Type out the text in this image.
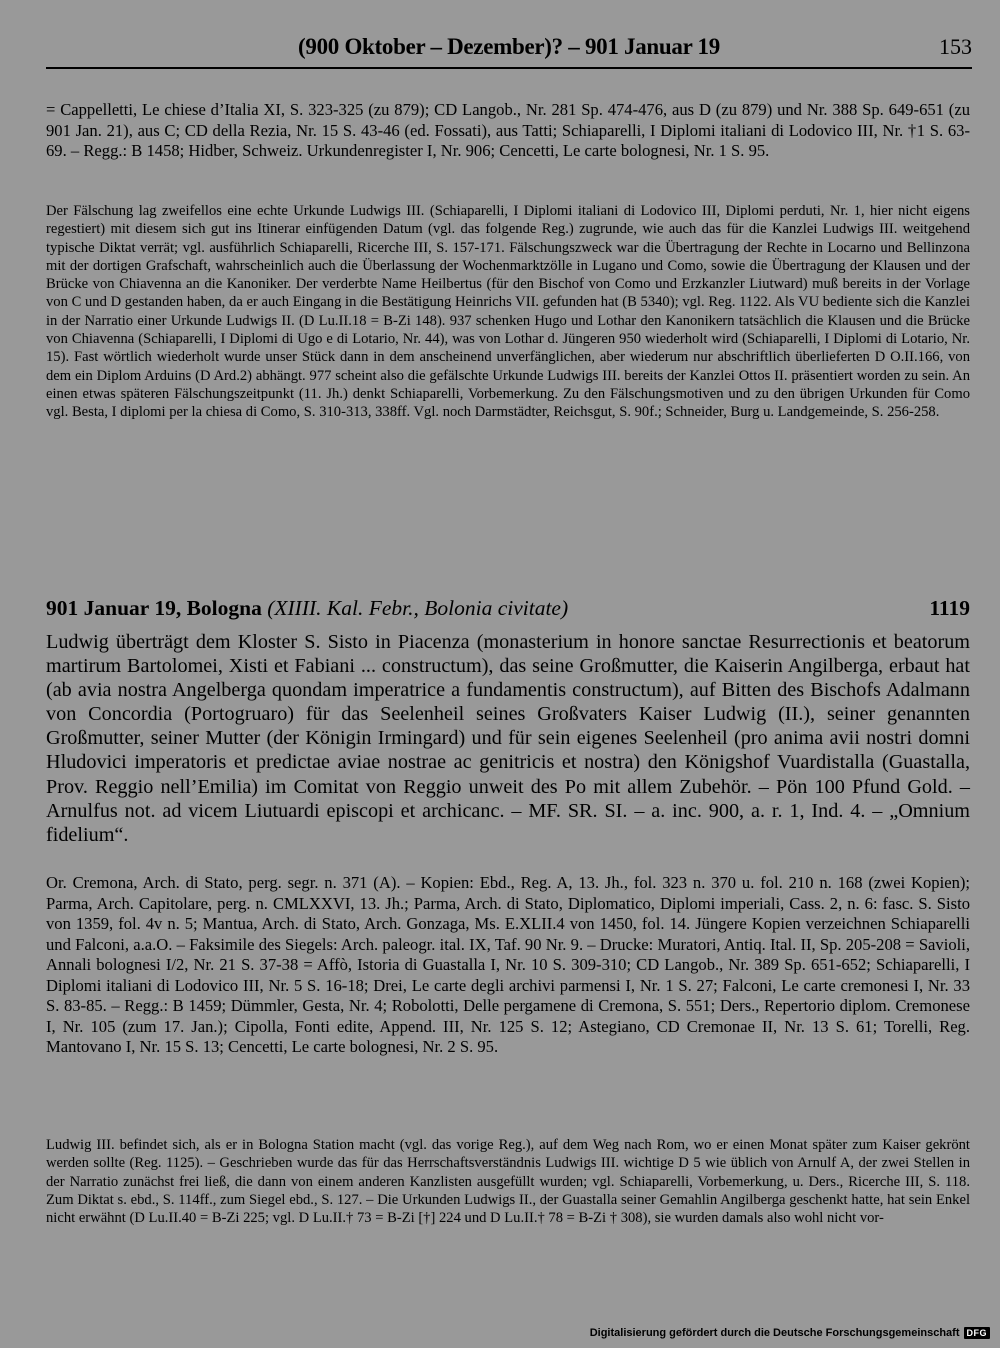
(900 Oktober – Dezember)? – 901 Januar 19	153
= Cappelletti, Le chiese d’Italia XI, S. 323-325 (zu 879); CD Langob., Nr. 281 Sp. 474-476, aus D (zu 879) und Nr. 388 Sp. 649-651 (zu 901 Jan. 21), aus C; CD della Rezia, Nr. 15 S. 43-46 (ed. Fossati), aus Tatti; Schiaparelli, I Diplomi italiani di Lodovico III, Nr. †1 S. 63-69. – Regg.: B 1458; Hidber, Schweiz. Urkundenregister I, Nr. 906; Cencetti, Le carte bolognesi, Nr. 1 S. 95.
Der Fälschung lag zweifellos eine echte Urkunde Ludwigs III. (Schiaparelli, I Diplomi italiani di Lodovico III, Diplomi perduti, Nr. 1, hier nicht eigens regestiert) mit diesem sich gut ins Itinerar einfügenden Datum (vgl. das folgende Reg.) zugrunde, wie auch das für die Kanzlei Ludwigs III. weitgehend typische Diktat verrät; vgl. ausführlich Schiaparelli, Ricerche III, S. 157-171. Fälschungszweck war die Übertragung der Rechte in Locarno und Bellinzona mit der dortigen Grafschaft, wahrscheinlich auch die Überlassung der Wochenmarktzölle in Lugano und Como, sowie die Übertragung der Klausen und der Brücke von Chiavenna an die Kanoniker. Der verderbte Name Heilbertus (für den Bischof von Como und Erzkanzler Liutward) muß bereits in der Vorlage von C und D gestanden haben, da er auch Eingang in die Bestätigung Heinrichs VII. gefunden hat (B 5340); vgl. Reg. 1122. Als VU bediente sich die Kanzlei in der Narratio einer Urkunde Ludwigs II. (D Lu.II.18 = B-Zi 148). 937 schenken Hugo und Lothar den Kanonikern tatsächlich die Klausen und die Brücke von Chiavenna (Schiaparelli, I Diplomi di Ugo e di Lotario, Nr. 44), was von Lothar d. Jüngeren 950 wiederholt wird (Schiaparelli, I Diplomi di Lotario, Nr. 15). Fast wörtlich wiederholt wurde unser Stück dann in dem anscheinend unverfänglichen, aber wiederum nur abschriftlich überlieferten D O.II.166, von dem ein Diplom Arduins (D Ard.2) abhängt. 977 scheint also die gefälschte Urkunde Ludwigs III. bereits der Kanzlei Ottos II. präsentiert worden zu sein. An einen etwas späteren Fälschungszeitpunkt (11. Jh.) denkt Schiaparelli, Vorbemerkung. Zu den Fälschungsmotiven und zu den übrigen Urkunden für Como vgl. Besta, I diplomi per la chiesa di Como, S. 310-313, 338ff. Vgl. noch Darmstädter, Reichsgut, S. 90f.; Schneider, Burg u. Landgemeinde, S. 256-258.
901 Januar 19, Bologna (XIIII. Kal. Febr., Bolonia civitate)	1119
Ludwig überträgt dem Kloster S. Sisto in Piacenza (monasterium in honore sanctae Resurrectionis et beatorum martirum Bartolomei, Xisti et Fabiani ... constructum), das seine Großmutter, die Kaiserin Angilberga, erbaut hat (ab avia nostra Angelberga quondam imperatrice a fundamentis constructum), auf Bitten des Bischofs Adalmann von Concordia (Portogruaro) für das Seelenheil seines Großvaters Kaiser Ludwig (II.), seiner genannten Großmutter, seiner Mutter (der Königin Irmingard) und für sein eigenes Seelenheil (pro anima avii nostri domni Hludovici imperatoris et predictae aviae nostrae ac genitricis et nostra) den Königshof Vuardistalla (Guastalla, Prov. Reggio nell’Emilia) im Comitat von Reggio unweit des Po mit allem Zubehör. – Pön 100 Pfund Gold. – Arnulfus not. ad vicem Liutuardi episcopi et archicanc. – MF. SR. SI. – a. inc. 900, a. r. 1, Ind. 4. – „Omnium fidelium“.
Or. Cremona, Arch. di Stato, perg. segr. n. 371 (A). – Kopien: Ebd., Reg. A, 13. Jh., fol. 323 n. 370 u. fol. 210 n. 168 (zwei Kopien); Parma, Arch. Capitolare, perg. n. CMLXXVI, 13. Jh.; Parma, Arch. di Stato, Diplomatico, Diplomi imperiali, Cass. 2, n. 6: fasc. S. Sisto von 1359, fol. 4v n. 5; Mantua, Arch. di Stato, Arch. Gonzaga, Ms. E.XLII.4 von 1450, fol. 14. Jüngere Kopien verzeichnen Schiaparelli und Falconi, a.a.O. – Faksimile des Siegels: Arch. paleogr. ital. IX, Taf. 90 Nr. 9. – Drucke: Muratori, Antiq. Ital. II, Sp. 205-208 = Savioli, Annali bolognesi I/2, Nr. 21 S. 37-38 = Affò, Istoria di Guastalla I, Nr. 10 S. 309-310; CD Langob., Nr. 389 Sp. 651-652; Schiaparelli, I Diplomi italiani di Lodovico III, Nr. 5 S. 16-18; Drei, Le carte degli archivi parmensi I, Nr. 1 S. 27; Falconi, Le carte cremonesi I, Nr. 33 S. 83-85. – Regg.: B 1459; Dümmler, Gesta, Nr. 4; Robolotti, Delle pergamene di Cremona, S. 551; Ders., Repertorio diplom. Cremonese I, Nr. 105 (zum 17. Jan.); Cipolla, Fonti edite, Append. III, Nr. 125 S. 12; Astegiano, CD Cremonae II, Nr. 13 S. 61; Torelli, Reg. Mantovano I, Nr. 15 S. 13; Cencetti, Le carte bolognesi, Nr. 2 S. 95.
Ludwig III. befindet sich, als er in Bologna Station macht (vgl. das vorige Reg.), auf dem Weg nach Rom, wo er einen Monat später zum Kaiser gekrönt werden sollte (Reg. 1125). – Geschrieben wurde das für das Herrschaftsverständnis Ludwigs III. wichtige D 5 wie üblich von Arnulf A, der zwei Stellen in der Narratio zunächst frei ließ, die dann von einem anderen Kanzlisten ausgefüllt wurden; vgl. Schiaparelli, Vorbemerkung, u. Ders., Ricerche III, S. 118. Zum Diktat s. ebd., S. 114ff., zum Siegel ebd., S. 127. – Die Urkunden Ludwigs II., der Guastalla seiner Gemahlin Angilberga geschenkt hatte, hat sein Enkel nicht erwähnt (D Lu.II.40 = B-Zi 225; vgl. D Lu.II.† 73 = B-Zi [†] 224 und D Lu.II.† 78 = B-Zi † 308), sie wurden damals also wohl nicht vor-
Digitalisierung gefördert durch die Deutsche Forschungsgemeinschaft DFG
